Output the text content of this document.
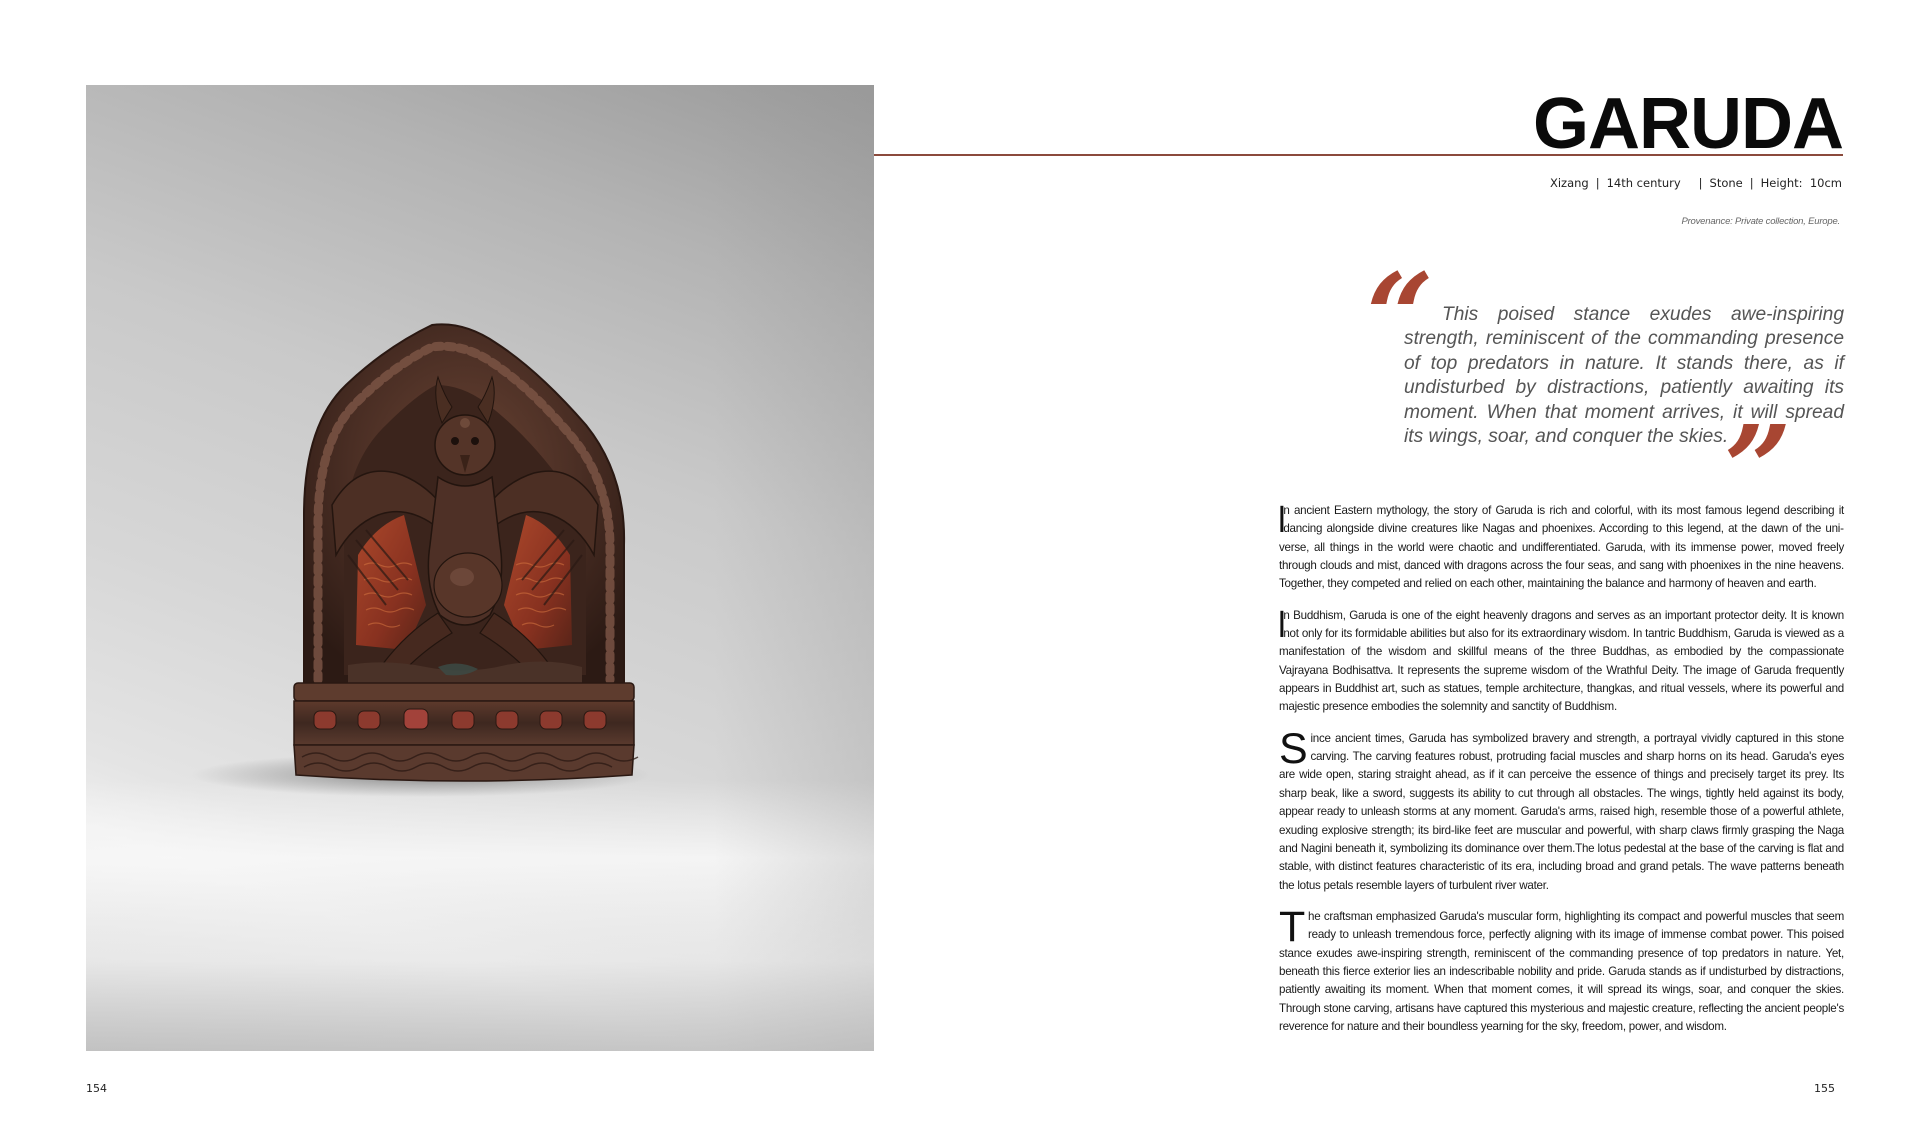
154
GARUDA
Xizang | 14th century | Stone | Height: 10cm
Provenance: Private collection, Europe.
“ This poised stance exudes awe-inspiring strength, reminiscent of the commanding presence of top predators in nature. It stands there, as if undisturbed by distractions, patiently awaiting its moment. When that moment arrives, it will spread its wings, soar, and conquer the skies.

”

I
n ancient Eastern mythology, the story of Garuda is rich and colorful, with its most famous legend describing it dancing alongside divine creatures like Nagas and phoenixes. According to this legend, at the dawn of the universe, all things in the world were chaotic and undifferentiated. Garuda, with its immense power, moved freely through clouds and mist, danced with dragons across the four seas, and sang with phoenixes in the nine heavens. Together, they competed and relied on each other, maintaining the balance and harmony of heaven and earth.

I
n Buddhism, Garuda is one of the eight heavenly dragons and serves as an important protector deity. It is known not only for its formidable abilities but also for its extraordinary wisdom. In tantric Buddhism, Garuda is viewed as a manifestation of the wisdom and skillful means of the three Buddhas, as embodied by the compassionate Vajrayana Bodhisattva. It represents the supreme wisdom of the Wrathful Deity. The image of Garuda frequently appears in Buddhist art, such as statues, temple architecture, thangkas, and ritual vessels, where its powerful and majestic presence embodies the solemnity and sanctity of Buddhism.

Since ancient times, Garuda has symbolized bravery and strength, a portrayal vividly captured in this stone carving. The carving features robust, protruding facial muscles and sharp horns on its head. Garuda's eyes are wide open, staring straight ahead, as if it can perceive the essence of things and precisely target its prey. Its sharp beak, like a sword, suggests its ability to cut through all obstacles. The wings, tightly held against its body, appear ready to unleash storms at any moment. Garuda's arms, raised high, resemble those of a powerful athlete, exuding explosive strength; its bird-like feet are muscular and powerful, with sharp claws firmly grasping the Naga and Nagini beneath it, symbolizing its dominance over them.The lotus pedestal at the base of the carving is flat and stable, with distinct features characteristic of its era, including broad and grand petals. The wave patterns beneath the lotus petals resemble layers of turbulent river water.

The craftsman emphasized Garuda's muscular form, highlighting its compact and powerful muscles that seem ready to unleash tremendous force, perfectly aligning with its image of immense combat power. This poised stance exudes awe-inspiring strength, reminiscent of the commanding presence of top predators in nature. Yet, beneath this fierce exterior lies an indescribable nobility and pride. Garuda stands as if undisturbed by distractions, patiently awaiting its moment. When that moment comes, it will spread its wings, soar, and conquer the skies. Through stone carving, artisans have captured this mysterious and majestic creature, reflecting the ancient people's reverence for nature and their boundless yearning for the sky, freedom, power, and wisdom.

155
